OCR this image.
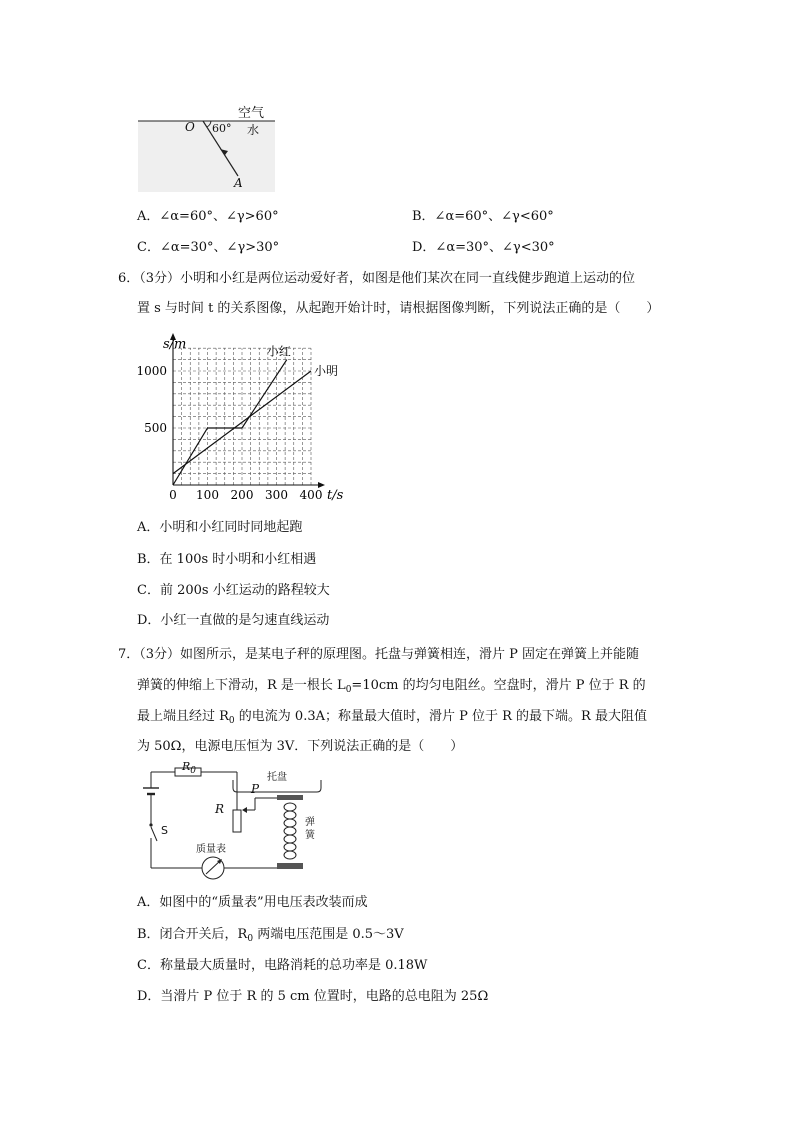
空气
O 60° 水
A
A．∠α=60°、∠γ>60°	B．∠α=60°、∠γ<60°
C．∠α=30°、∠γ>30°	D．∠α=30°、∠γ<30°
6．（3分）小明和小红是两位运动爱好者，如图是他们某次在同一直线健步跑道上运动的位
置 s 与时间 t 的关系图像，从起跑开始计时，请根据图像判断，下列说法正确的是（　　）
0 100 200 300 400
500
1000
s/m
t/s
小红
小明
A．小明和小红同时同地起跑
B．在 100s 时小明和小红相遇
C．前 200s 小红运动的路程较大
D．小红一直做的是匀速直线运动
7．（3分）如图所示，是某电子秤的原理图。托盘与弹簧相连，滑片 P 固定在弹簧上并能随
弹簧的伸缩上下滑动，R 是一根长 $L_0=10cm$ 的均匀电阻丝。空盘时，滑片 P 位于 R 的
最上端且经过 $R_0$ 的电流为 0.3A；称量最大值时，滑片 P 位于 R 的最下端。R 最大阻值
为 50Ω，电源电压恒为 3V．下列说法正确的是（　　）
$R_0$
R
P
S
托盘
弹簧
质量表
A．如图中的“质量表”用电压表改装而成
B．闭合开关后，$R_0$ 两端电压范围是 0.5～3V
C．称量最大质量时，电路消耗的总功率是 0.18W
D．当滑片 P 位于 R 的 5 cm 位置时，电路的总电阻为 25Ω
